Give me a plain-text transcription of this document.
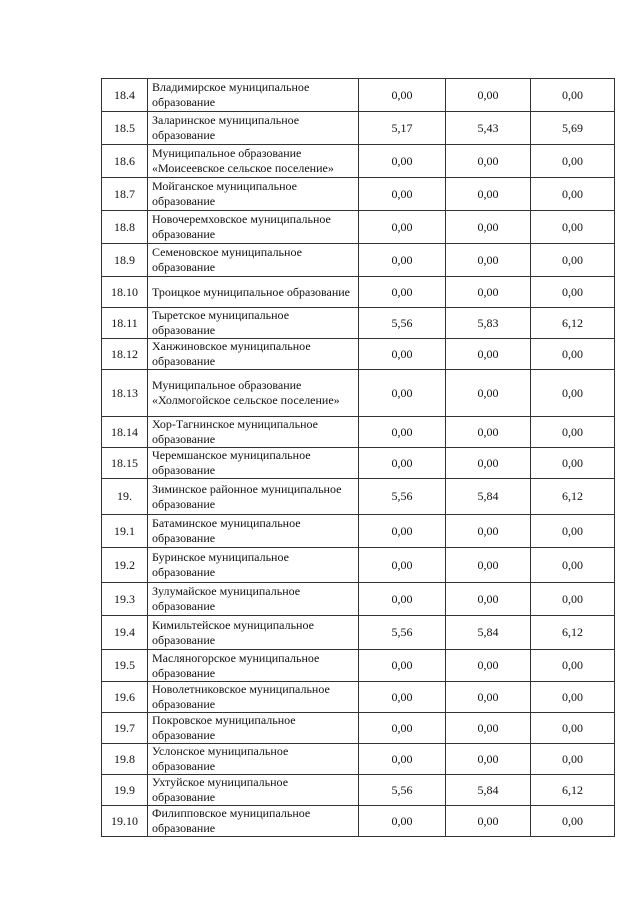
18.4	Владимирское муниципальное образование	0,00	0,00	0,00
18.5	Заларинское муниципальное образование	5,17	5,43	5,69
18.6	Муниципальное образование «Моисеевское сельское поселение»	0,00	0,00	0,00
18.7	Мойганское муниципальное образование	0,00	0,00	0,00
18.8	Новочеремховское муниципальное образование	0,00	0,00	0,00
18.9	Семеновское муниципальное образование	0,00	0,00	0,00
18.10	Троицкое муниципальное образование	0,00	0,00	0,00
18.11	Тыретское муниципальное образование	5,56	5,83	6,12
18.12	Ханжиновское муниципальное образование	0,00	0,00	0,00
18.13	Муниципальное образование «Холмогойское сельское поселение»	0,00	0,00	0,00
18.14	Хор-Тагнинское муниципальное образование	0,00	0,00	0,00
18.15	Черемшанское муниципальное образование	0,00	0,00	0,00
19.	Зиминское районное муниципальное образование	5,56	5,84	6,12
19.1	Батаминское муниципальное образование	0,00	0,00	0,00
19.2	Буринское муниципальное образование	0,00	0,00	0,00
19.3	Зулумайское муниципальное образование	0,00	0,00	0,00
19.4	Кимильтейское муниципальное образование	5,56	5,84	6,12
19.5	Масляногорское муниципальное образование	0,00	0,00	0,00
19.6	Новолетниковское муниципальное образование	0,00	0,00	0,00
19.7	Покровское муниципальное образование	0,00	0,00	0,00
19.8	Услонское муниципальное образование	0,00	0,00	0,00
19.9	Ухтуйское муниципальное образование	5,56	5,84	6,12
19.10	Филипповское муниципальное образование	0,00	0,00	0,00
